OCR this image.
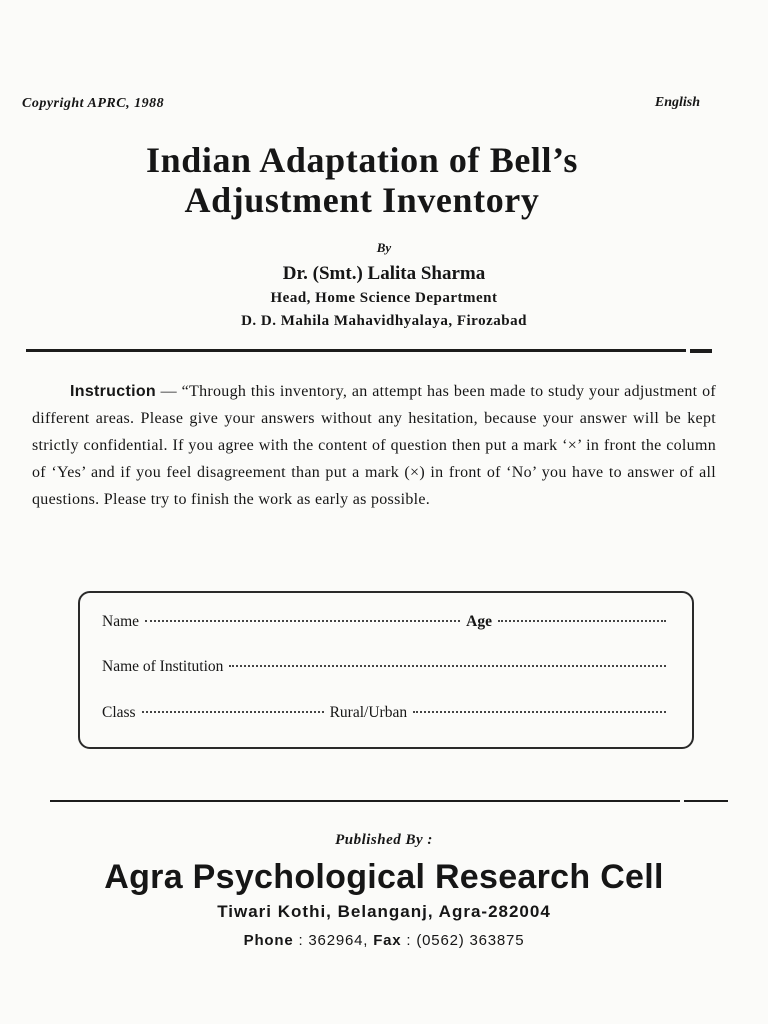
Copyright APRC, 1988	English
Indian Adaptation of Bell’s
Adjustment Inventory
By
Dr. (Smt.) Lalita Sharma
Head, Home Science Department
D. D. Mahila Mahavidhyalaya, Firozabad
Instruction — “Through this inventory, an attempt has been made to study your adjustment of different areas. Please give your answers without any hesitation, because your answer will be kept strictly confidential. If you agree with the content of question then put a mark ‘×’ in front the column of ‘Yes’ and if you feel disagreement than put a mark (×) in front of ‘No’ you have to answer of all questions. Please try to finish the work as early as possible.
Name	Age
Name of Institution
Class	Rural/Urban
Published By :
Agra Psychological Research Cell
Tiwari Kothi, Belanganj, Agra-282004
Phone : 362964, Fax : (0562) 363875
